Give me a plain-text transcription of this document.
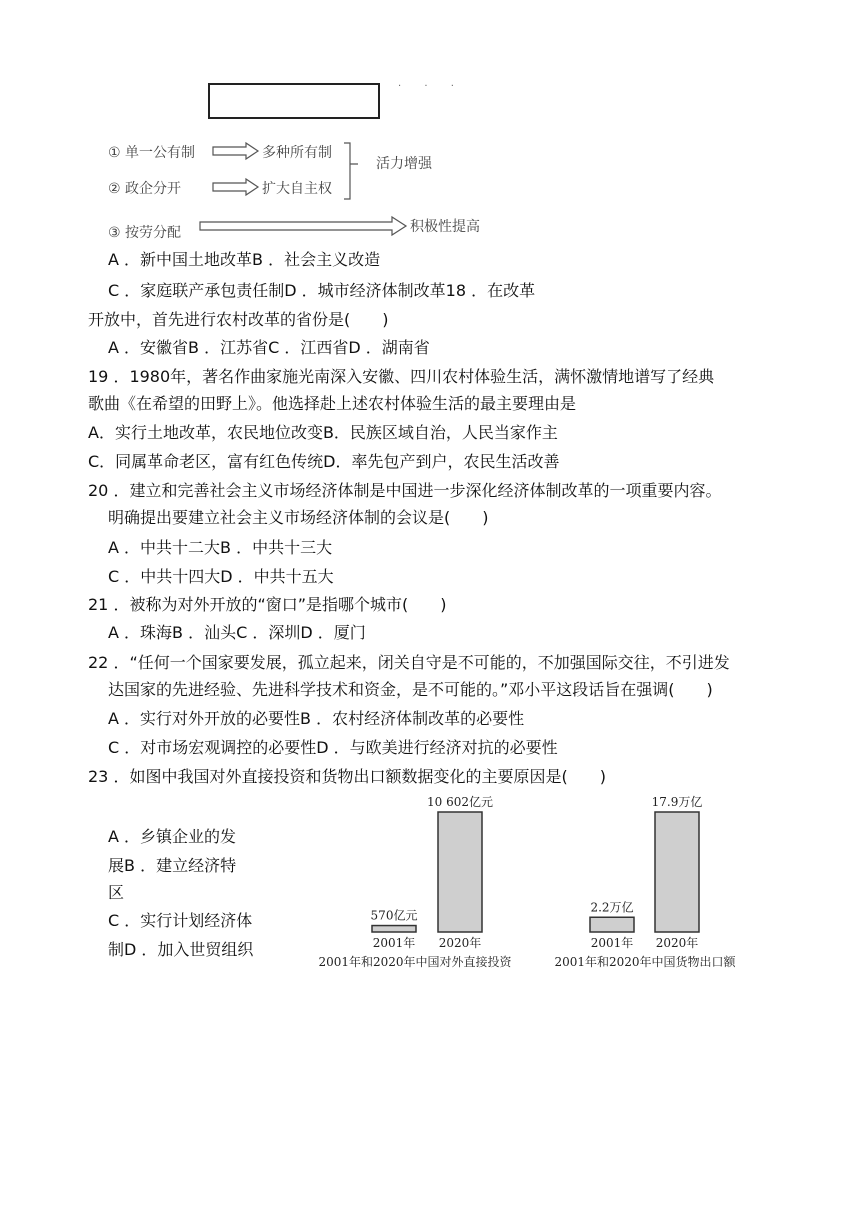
. . .
① 单一公有制	多种所有制
② 政企分开	扩大自主权
活力增强
③ 按劳分配	积极性提高
A ．新中国土地改革B ．社会主义改造
C ．家庭联产承包责任制D ．城市经济体制改革18 ．在改革
开放中，首先进行农村改革的省份是(　　)
A ．安徽省B ．江苏省C ．江西省D ．湖南省
19 ．1980年，著名作曲家施光南深入安徽、四川农村体验生活，满怀激情地谱写了经典
歌曲《在希望的田野上》。他选择赴上述农村体验生活的最主要理由是
A．实行土地改革，农民地位改变B．民族区域自治，人民当家作主
C．同属革命老区，富有红色传统D．率先包产到户，农民生活改善
20 ．建立和完善社会主义市场经济体制是中国进一步深化经济体制改革的一项重要内容。
明确提出要建立社会主义市场经济体制的会议是(　　)
A ．中共十二大B ．中共十三大
C ．中共十四大D ．中共十五大
21 ．被称为对外开放的“窗口”是指哪个城市(　　)
A ．珠海B ．汕头C ．深圳D ．厦门
22 ．“任何一个国家要发展，孤立起来，闭关自守是不可能的，不加强国际交往，不引进发
达国家的先进经验、先进科学技术和资金，是不可能的。”邓小平这段话旨在强调(　　)
A ．实行对外开放的必要性B ．农村经济体制改革的必要性
C ．对市场宏观调控的必要性D ．与欧美进行经济对抗的必要性
23 ．如图中我国对外直接投资和货物出口额数据变化的主要原因是(　　)
A ．乡镇企业的发
展B ．建立经济特
区
C ．实行计划经济体
制D ．加入世贸组织
570亿元
2001年
10 602亿元
2020年
2001年和2020年中国对外直接投资
2.2万亿
2001年
17.9万亿
2020年
2001年和2020年中国货物出口额
